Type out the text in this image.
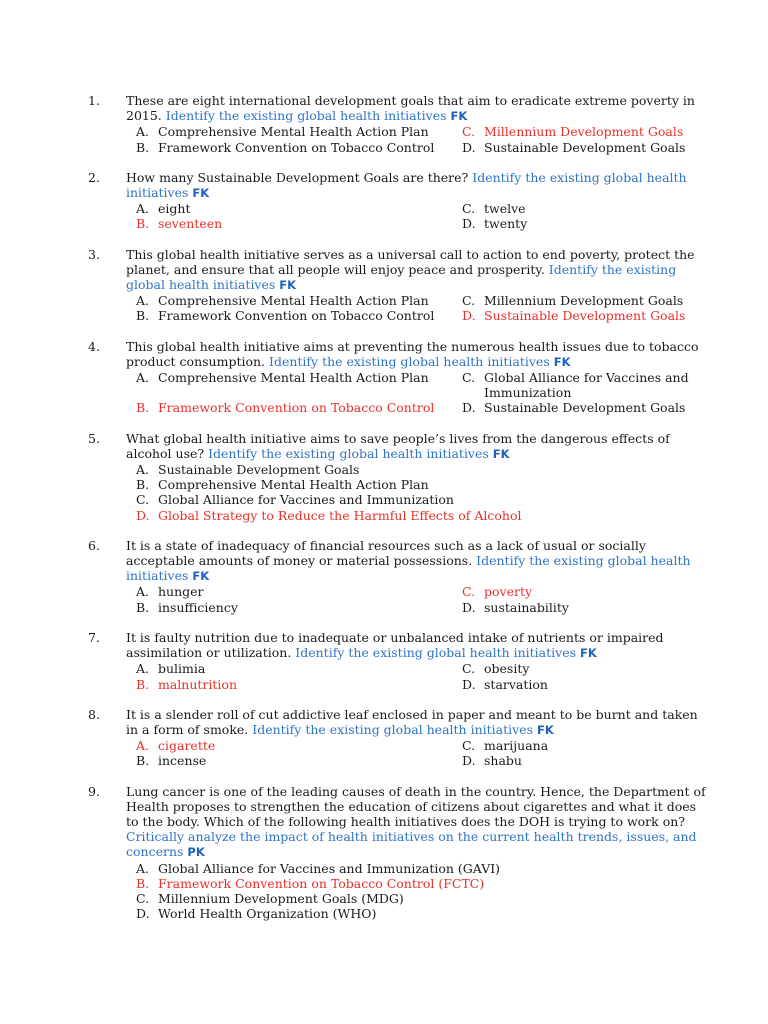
1.	These are eight international development goals that aim to eradicate extreme poverty in 2015. Identify the existing global health initiatives FK

A. Comprehensive Mental Health Action Plan	C. Millennium Development Goals
B. Framework Convention on Tobacco Control D. Sustainable Development Goals
2.	How many Sustainable Development Goals are there? Identify the existing global health initiatives FK

A. eight	C. twelve
B. seventeen	D. twenty
3.	This global health initiative serves as a universal call to action to end poverty, protect the planet, and ensure that all people will enjoy peace and prosperity. Identify the existing global health initiatives FK

A. Comprehensive Mental Health Action Plan	C. Millennium Development Goals
B. Framework Convention on Tobacco Control D. Sustainable Development Goals
4.	This global health initiative aims at preventing the numerous health issues due to tobacco product consumption. Identify the existing global health initiatives FK

A. Comprehensive Mental Health Action Plan	C. Global Alliance for Vaccines and Immunization
B. Framework Convention on Tobacco Control D. Sustainable Development Goals
5.	What global health initiative aims to save people’s lives from the dangerous effects of alcohol use? Identify the existing global health initiatives FK

A. Sustainable Development Goals
B. Comprehensive Mental Health Action Plan
C. Global Alliance for Vaccines and Immunization
D. Global Strategy to Reduce the Harmful Effects of Alcohol
6.	It is a state of inadequacy of financial resources such as a lack of usual or socially acceptable amounts of money or material possessions. Identify the existing global health initiatives FK

A. hunger	C. poverty
B. insufficiency	D. sustainability
7.	It is faulty nutrition due to inadequate or unbalanced intake of nutrients or impaired assimilation or utilization. Identify the existing global health initiatives FK

A. bulimia	C. obesity
B. malnutrition	D. starvation
8.	It is a slender roll of cut addictive leaf enclosed in paper and meant to be burnt and taken in a form of smoke. Identify the existing global health initiatives FK

A. cigarette	C. marijuana
B. incense	D. shabu
9.	Lung cancer is one of the leading causes of death in the country. Hence, the Department of Health proposes to strengthen the education of citizens about cigarettes and what it does to the body. Which of the following health initiatives does the DOH is trying to work on? Critically analyze the impact of health initiatives on the current health trends, issues, and concerns PK

A. Global Alliance for Vaccines and Immunization (GAVI)
B. Framework Convention on Tobacco Control (FCTC)
C. Millennium Development Goals (MDG)
D. World Health Organization (WHO)
